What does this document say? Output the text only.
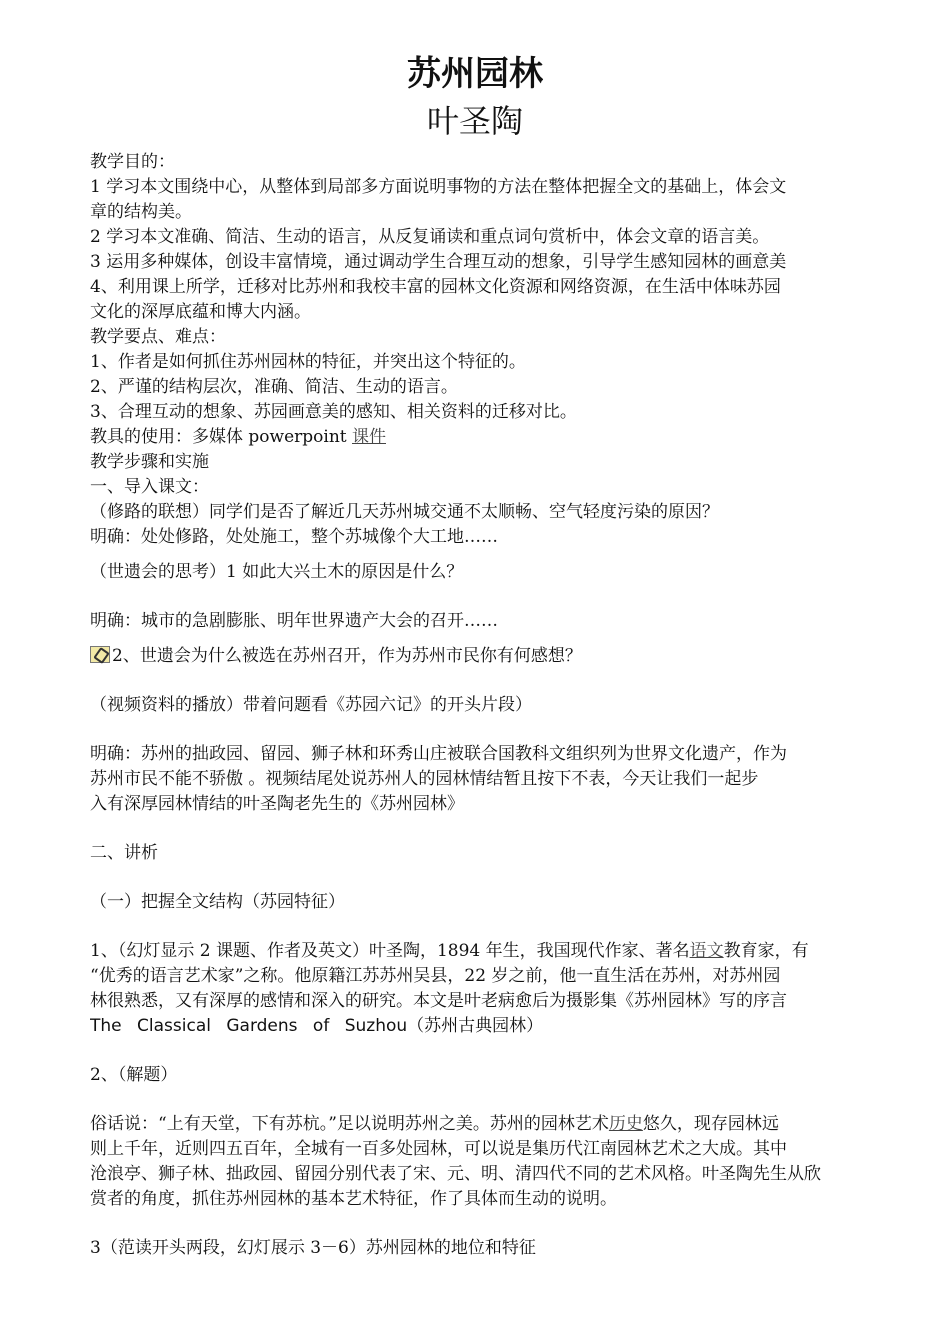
苏州园林
叶圣陶

教学目的：

1 学习本文围绕中心，从整体到局部多方面说明事物的方法在整体把握全文的基础上，体会文

章的结构美。

2 学习本文准确、简洁、生动的语言，从反复诵读和重点词句赏析中，体会文章的语言美。

3 运用多种媒体，创设丰富情境，通过调动学生合理互动的想象，引导学生感知园林的画意美

4、利用课上所学，迁移对比苏州和我校丰富的园林文化资源和网络资源，在生活中体味苏园

文化的深厚底蕴和博大内涵。

教学要点、难点：

1、作者是如何抓住苏州园林的特征，并突出这个特征的。

2、严谨的结构层次，准确、简洁、生动的语言。

3、合理互动的想象、苏园画意美的感知、相关资料的迁移对比。

教具的使用：多媒体 powerpoint 课件

教学步骤和实施

一、导入课文：

（修路的联想）同学们是否了解近几天苏州城交通不太顺畅、空气轻度污染的原因？

明确：处处修路，处处施工，整个苏城像个大工地……

（世遗会的思考）1 如此大兴土木的原因是什么？

明确：城市的急剧膨胀、明年世界遗产大会的召开……

2、世遗会为什么被选在苏州召开，作为苏州市民你有何感想？

（视频资料的播放）带着问题看《苏园六记》的开头片段）

明确：苏州的拙政园、留园、狮子林和环秀山庄被联合国教科文组织列为世界文化遗产，作为

苏州市民不能不骄傲 。视频结尾处说苏州人的园林情结暂且按下不表，今天让我们一起步

入有深厚园林情结的叶圣陶老先生的《苏州园林》

二、讲析

（一）把握全文结构（苏园特征）

1、（幻灯显示 2 课题、作者及英文）叶圣陶，1894 年生，我国现代作家、著名语文教育家，有

“优秀的语言艺术家”之称。他原籍江苏苏州吴县，22 岁之前，他一直生活在苏州，对苏州园

林很熟悉，又有深厚的感情和深入的研究。本文是叶老病愈后为摄影集《苏州园林》写的序言

The Classical Gardens of Suzhou（苏州古典园林）

2、（解题）

俗话说：“上有天堂，下有苏杭。”足以说明苏州之美。苏州的园林艺术历史悠久，现存园林远

则上千年，近则四五百年，全城有一百多处园林，可以说是集历代江南园林艺术之大成。其中

沧浪亭、狮子林、拙政园、留园分别代表了宋、元、明、清四代不同的艺术风格。叶圣陶先生从欣

赏者的角度，抓住苏州园林的基本艺术特征，作了具体而生动的说明。

3（范读开头两段，幻灯展示 3－6）苏州园林的地位和特征
